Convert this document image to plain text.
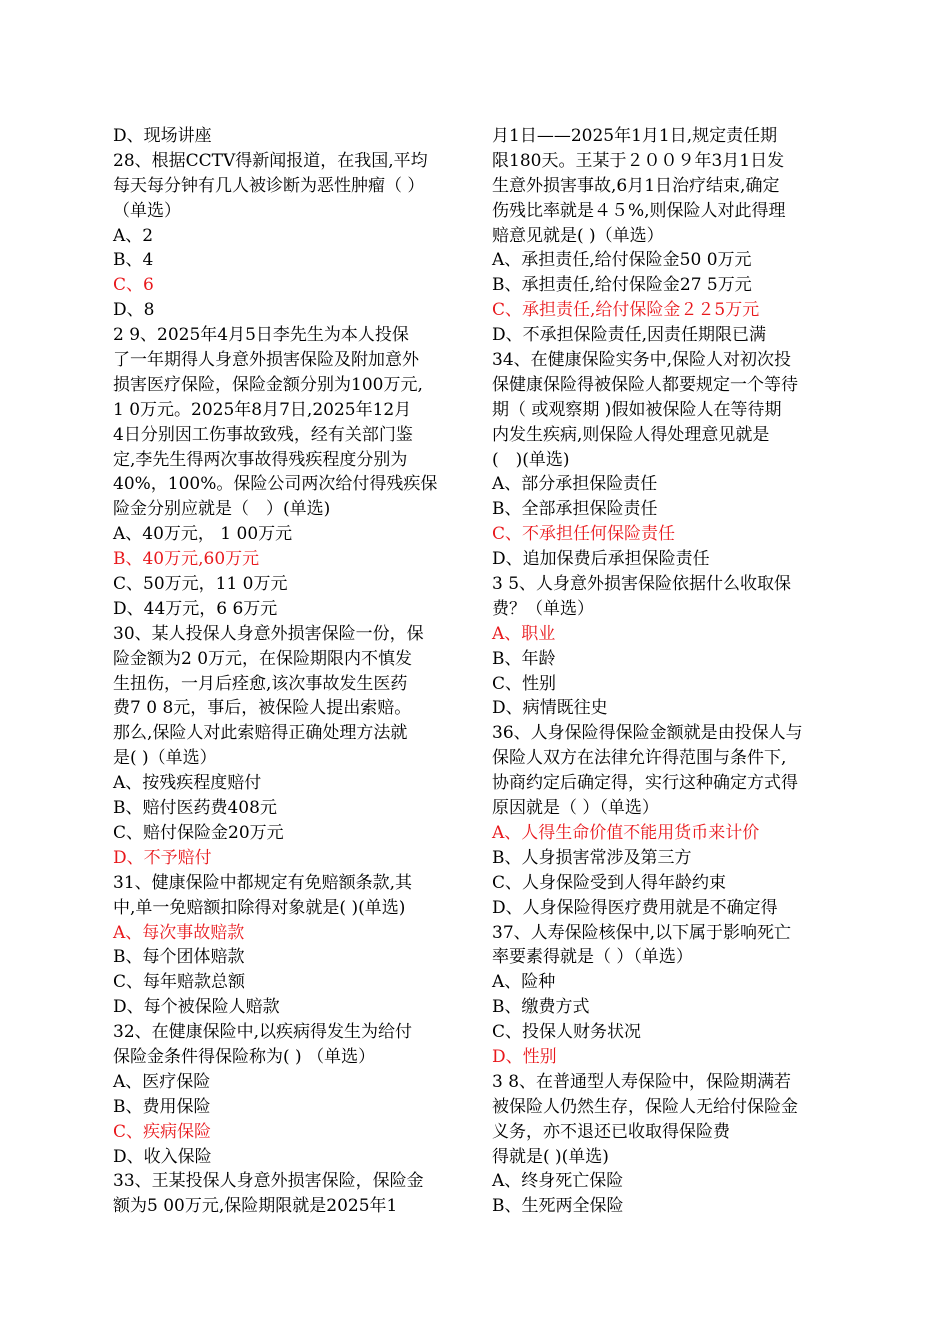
D、现场讲座
28、根据CCTV得新闻报道，在我国,平均
每天每分钟有几人被诊断为恶性肿瘤（ ）
（单选）
A、2
B、4
C、6
D、8
2 9、2025年4月5日李先生为本人投保
了一年期得人身意外损害保险及附加意外
损害医疗保险，保险金额分别为100万元,
1 0万元。2025年8月7日,2025年12月
4日分别因工伤事故致残，经有关部门鉴
定,李先生得两次事故得残疾程度分别为
40%，100%。保险公司两次给付得残疾保
险金分别应就是（　）(单选)
A、40万元， 1 00万元
B、40万元,60万元
C、50万元，11 0万元
D、44万元，6 6万元
30、某人投保人身意外损害保险一份，保
险金额为2 0万元，在保险期限内不慎发
生扭伤，一月后痊愈,该次事故发生医药
费7 0 8元，事后，被保险人提出索赔。
那么,保险人对此索赔得正确处理方法就
是( )（单选）
A、按残疾程度赔付
B、赔付医药费408元
C、赔付保险金20万元
D、不予赔付
31、健康保险中都规定有免赔额条款,其
中,单一免赔额扣除得对象就是( )(单选)
A、每次事故赔款
B、每个团体赔款
C、每年赔款总额
D、每个被保险人赔款
32、在健康保险中,以疾病得发生为给付
保险金条件得保险称为( ) （单选）
A、医疗保险
B、费用保险
C、疾病保险
D、收入保险
33、王某投保人身意外损害保险，保险金
额为5 00万元,保险期限就是2025年1
月1日——2025年1月1日,规定责任期
限180天。王某于２００９年3月1日发
生意外损害事故,6月1日治疗结束,确定
伤残比率就是４５%,则保险人对此得理
赔意见就是( )（单选）
A、承担责任,给付保险金50 0万元
B、承担责任,给付保险金27 5万元
C、承担责任,给付保险金２２5万元
D、不承担保险责任,因责任期限已满
34、在健康保险实务中,保险人对初次投
保健康保险得被保险人都要规定一个等待
期（ 或观察期 )假如被保险人在等待期
内发生疾病,则保险人得处理意见就是
(　)(单选)
A、部分承担保险责任
B、全部承担保险责任
C、不承担任何保险责任
D、追加保费后承担保险责任
3 5、人身意外损害保险依据什么收取保
费？（单选）
A、职业
B、年龄
C、性别
D、病情既往史
36、人身保险得保险金额就是由投保人与
保险人双方在法律允许得范围与条件下,
协商约定后确定得，实行这种确定方式得
原因就是（ ）（单选）
A、人得生命价值不能用货币来计价
B、人身损害常涉及第三方
C、人身保险受到人得年龄约束
D、人身保险得医疗费用就是不确定得
37、人寿保险核保中,以下属于影响死亡
率要素得就是（ ）（单选）
A、险种
B、缴费方式
C、投保人财务状况
D、性别
3 8、在普通型人寿保险中，保险期满若
被保险人仍然生存，保险人无给付保险金
义务，亦不退还已收取得保险费
得就是( )(单选)
A、终身死亡保险
B、生死两全保险
